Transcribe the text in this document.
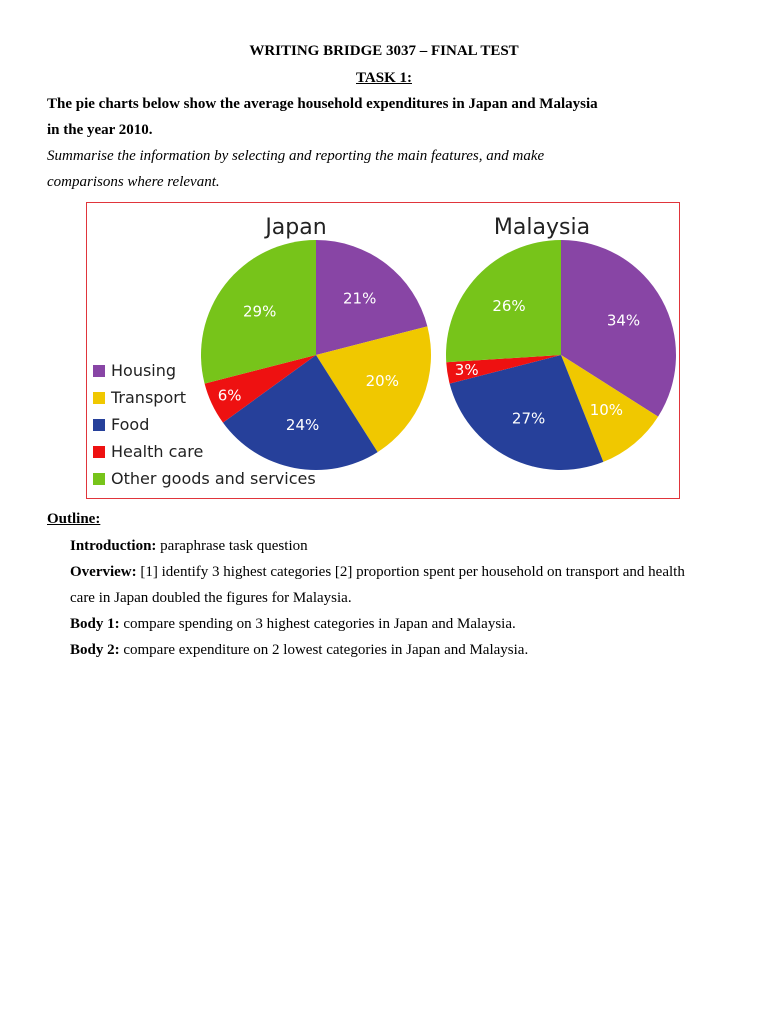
WRITING BRIDGE 3037 – FINAL TEST
TASK 1:
The pie charts below show the average household expenditures in Japan and Malaysia
in the year 2010.
Summarise the information by selecting and reporting the main features, and make
comparisons where relevant.
Japan
21%
20%
24%
6%
29%
Malaysia
34%
10%
27%
3%
26%
Housing
Transport
Food
Health care
Other goods and services
Outline:
Introduction: paraphrase task question
Overview: [1] identify 3 highest categories [2] proportion spent per household on transport and health care in Japan doubled the figures for Malaysia.
Body 1: compare spending on 3 highest categories in Japan and Malaysia.
Body 2: compare expenditure on 2 lowest categories in Japan and Malaysia.
